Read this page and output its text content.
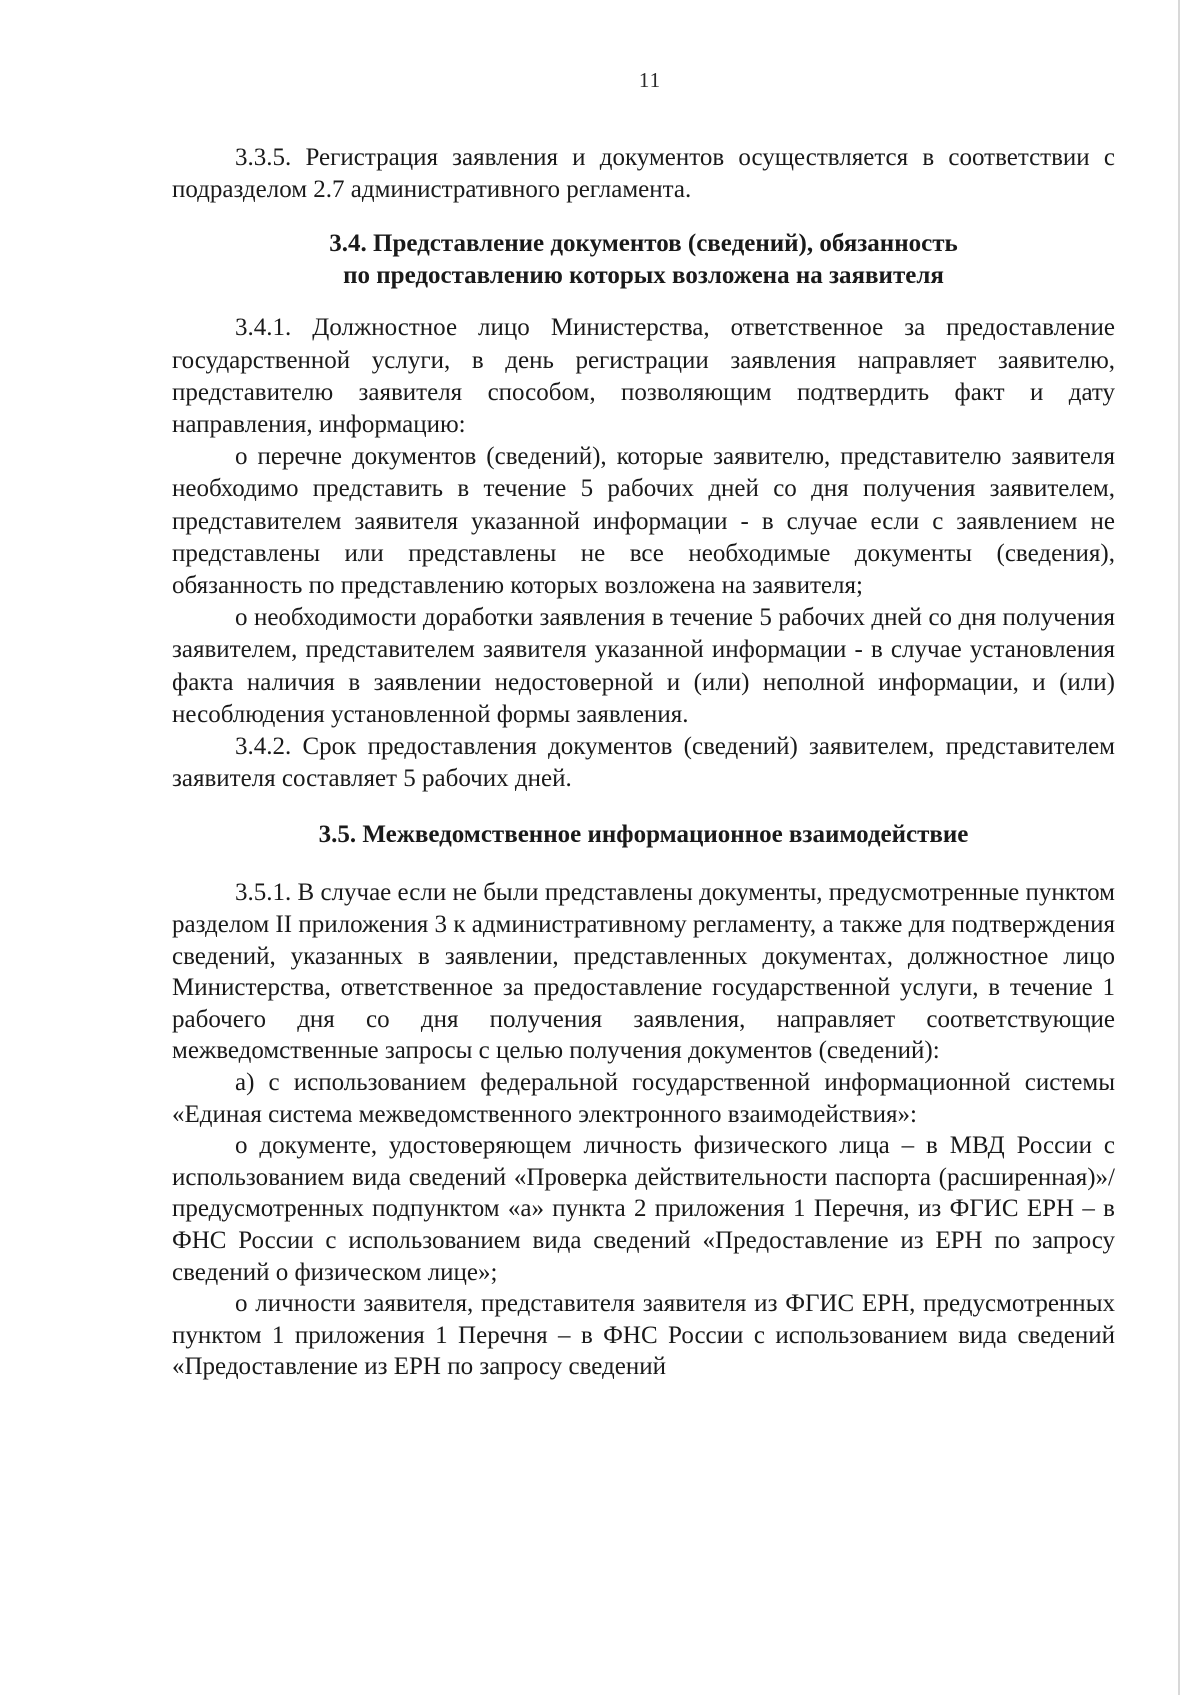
11

3.3.5. Регистрация заявления и документов осуществляется в соответствии с подразделом 2.7 административного регламента.

3.4. Представление документов (сведений), обязанность
по предоставлению которых возложена на заявителя

3.4.1. Должностное лицо Министерства, ответственное за предоставление государственной услуги, в день регистрации заявления направляет заявителю, представителю заявителя способом, позволяющим подтвердить факт и дату направления, информацию:

о перечне документов (сведений), которые заявителю, представителю заявителя необходимо представить в течение 5 рабочих дней со дня получения заявителем, представителем заявителя указанной информации - в случае если с заявлением не представлены или представлены не все необходимые документы (сведения), обязанность по представлению которых возложена на заявителя;

о необходимости доработки заявления в течение 5 рабочих дней со дня получения заявителем, представителем заявителя указанной информации - в случае установления факта наличия в заявлении недостоверной и (или) неполной информации, и (или) несоблюдения установленной формы заявления.

3.4.2. Срок предоставления документов (сведений) заявителем, представителем заявителя составляет 5 рабочих дней.

3.5. Межведомственное информационное взаимодействие

3.5.1. В случае если не были представлены документы, предусмотренные пунктом разделом II приложения 3 к административному регламенту, а также для подтверждения сведений, указанных в заявлении, представленных документах, должностное лицо Министерства, ответственное за предоставление государственной услуги, в течение 1 рабочего дня со дня получения заявления, направляет соответствующие межведомственные запросы с целью получения документов (сведений):

а) с использованием федеральной государственной информационной системы «Единая система межведомственного электронного взаимодействия»:

о документе, удостоверяющем личность физического лица – в МВД России с использованием вида сведений «Проверка действительности паспорта (расширенная)»/предусмотренных подпунктом «а» пункта 2 приложения 1 Перечня, из ФГИС ЕРН – в ФНС России с использованием вида сведений «Предоставление из ЕРН по запросу сведений о физическом лице»;

о личности заявителя, представителя заявителя из ФГИС ЕРН, предусмотренных пунктом 1 приложения 1 Перечня – в ФНС России с использованием вида сведений «Предоставление из ЕРН по запросу сведений
